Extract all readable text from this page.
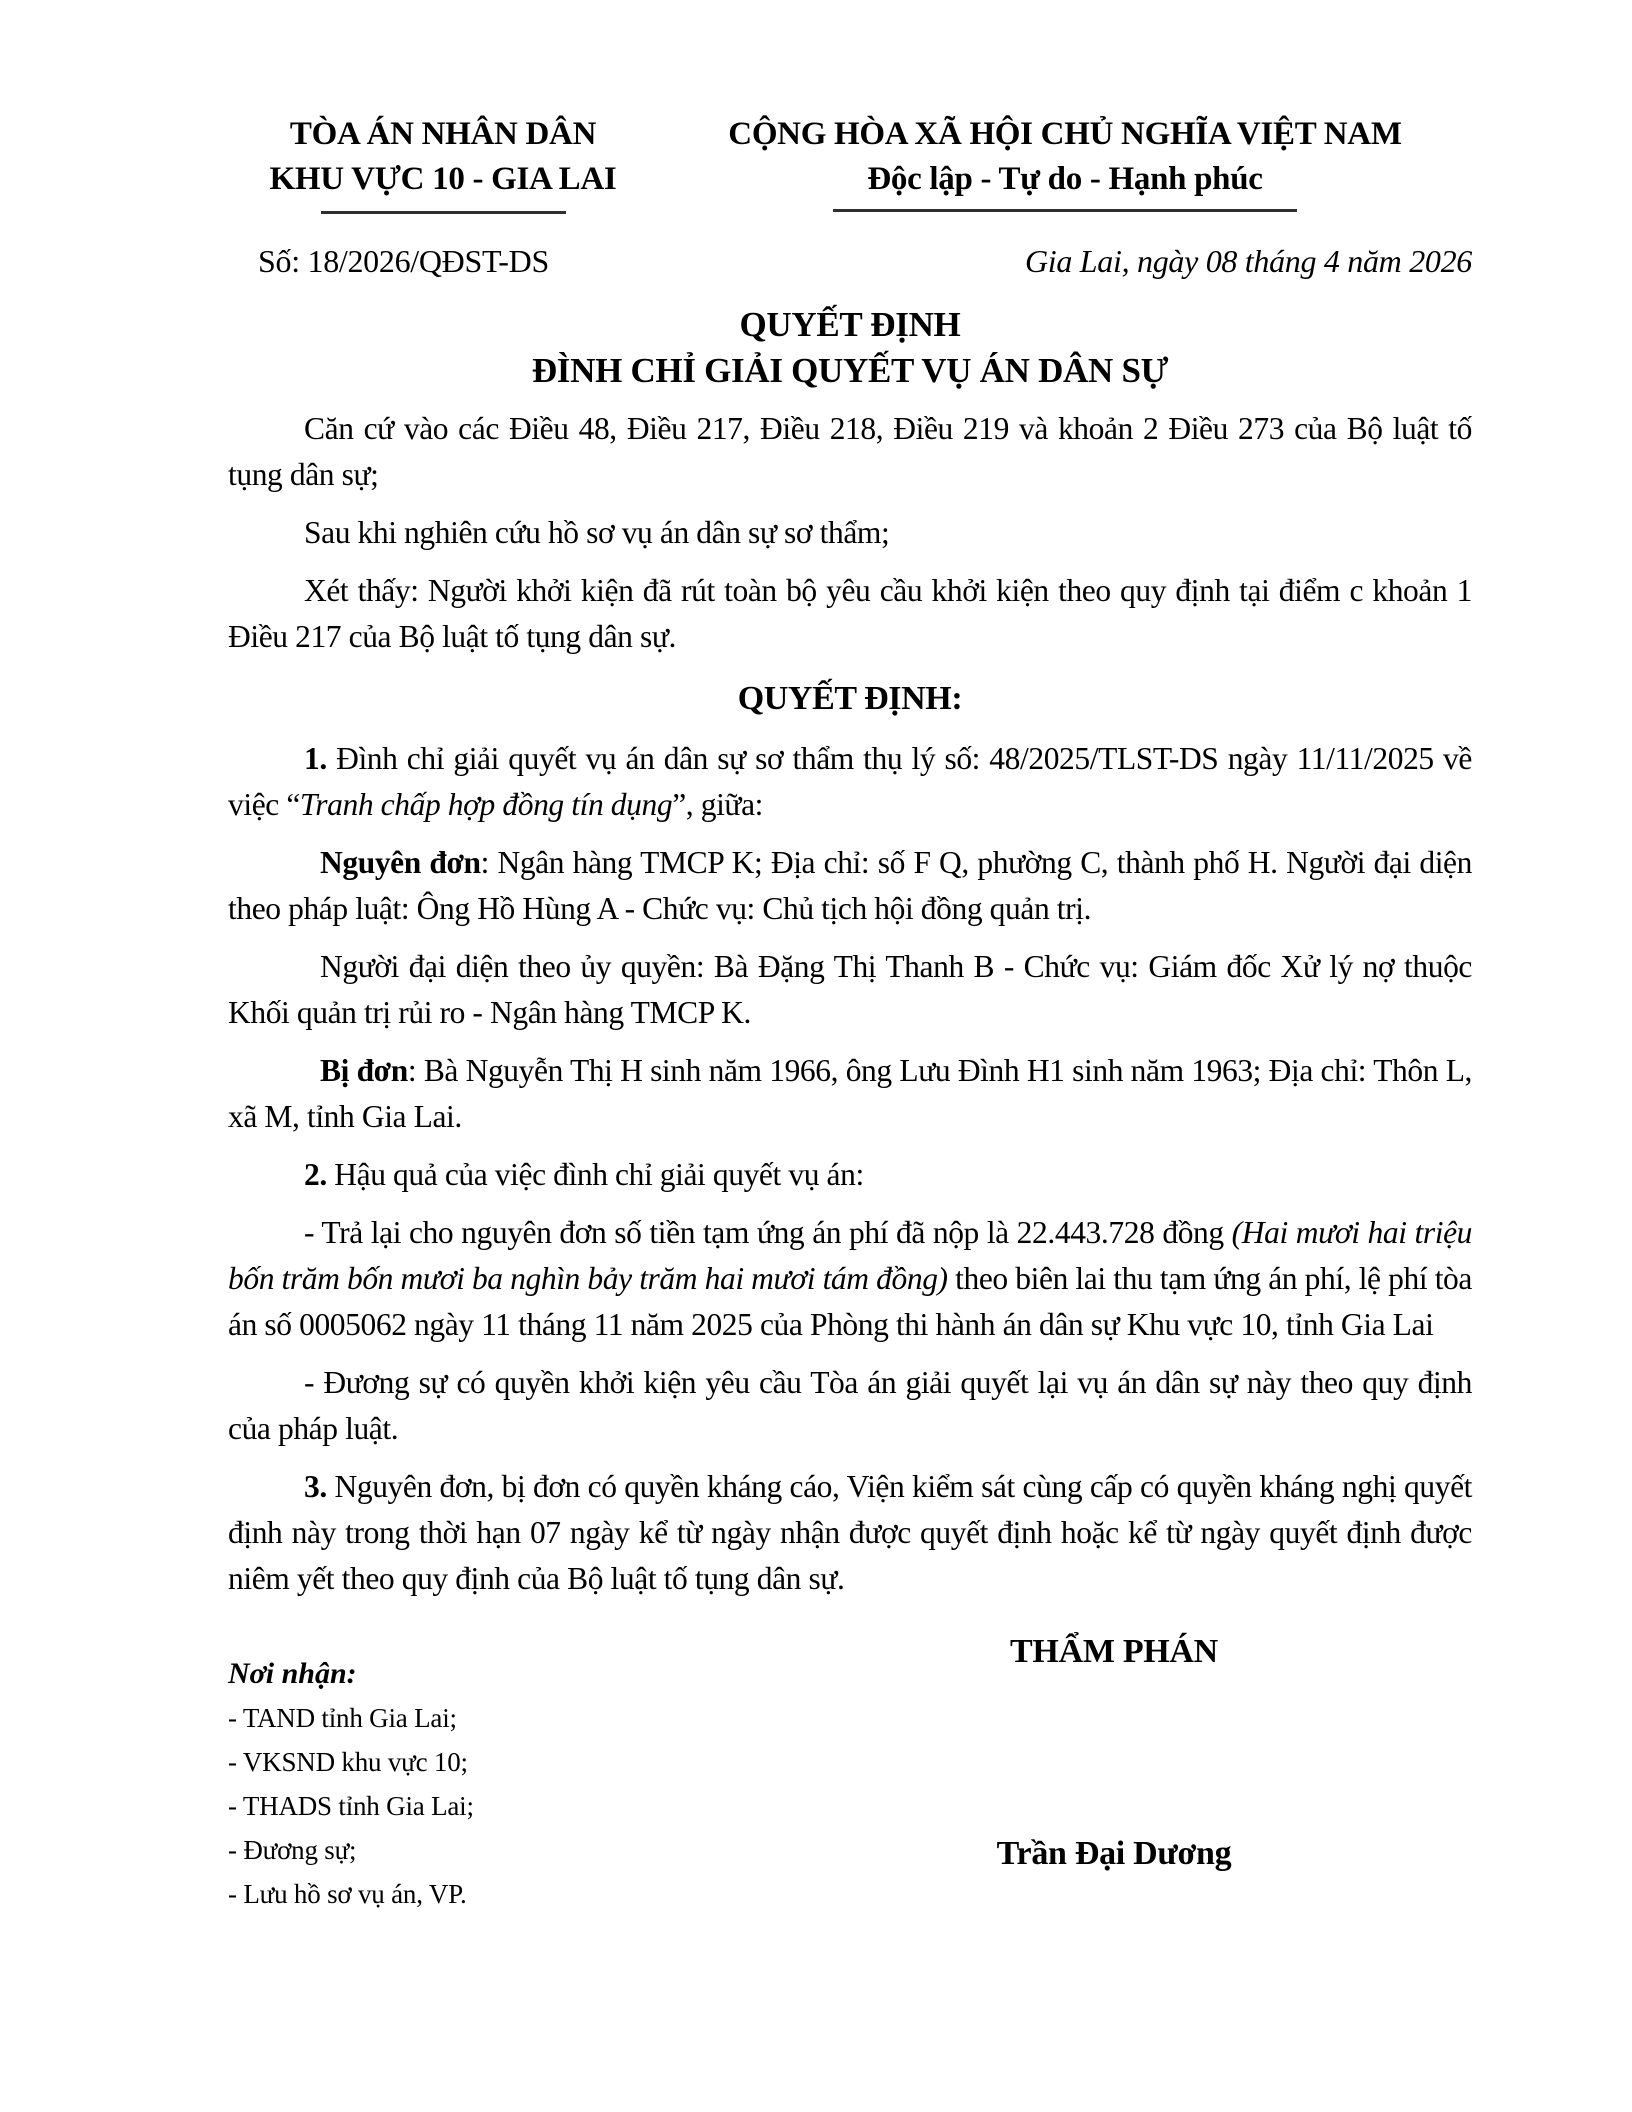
TÒA ÁN NHÂN DÂN
KHU VỰC 10 - GIA LAI
CỘNG HÒA XÃ HỘI CHỦ NGHĨA VIỆT NAM
Độc lập - Tự do - Hạnh phúc
Số: 18/2026/QĐST-DS	Gia Lai, ngày 08 tháng 4 năm 2026
QUYẾT ĐỊNH
ĐÌNH CHỈ GIẢI QUYẾT VỤ ÁN DÂN SỰ

Căn cứ vào các Điều 48, Điều 217, Điều 218, Điều 219 và khoản 2 Điều 273 của Bộ luật tố tụng dân sự;

Sau khi nghiên cứu hồ sơ vụ án dân sự sơ thẩm;

Xét thấy: Người khởi kiện đã rút toàn bộ yêu cầu khởi kiện theo quy định tại điểm c khoản 1 Điều 217 của Bộ luật tố tụng dân sự.

QUYẾT ĐỊNH:

1. Đình chỉ giải quyết vụ án dân sự sơ thẩm thụ lý số: 48/2025/TLST-DS ngày 11/11/2025 về việc “Tranh chấp hợp đồng tín dụng”, giữa:

Nguyên đơn: Ngân hàng TMCP K; Địa chỉ: số F Q, phường C, thành phố H. Người đại diện theo pháp luật: Ông Hồ Hùng A - Chức vụ: Chủ tịch hội đồng quản trị.

Người đại diện theo ủy quyền: Bà Đặng Thị Thanh B - Chức vụ: Giám đốc Xử lý nợ thuộc Khối quản trị rủi ro - Ngân hàng TMCP K.

Bị đơn: Bà Nguyễn Thị H sinh năm 1966, ông Lưu Đình H1 sinh năm 1963; Địa chỉ: Thôn L, xã M, tỉnh Gia Lai.

2. Hậu quả của việc đình chỉ giải quyết vụ án:

- Trả lại cho nguyên đơn số tiền tạm ứng án phí đã nộp là 22.443.728 đồng (Hai mươi hai triệu bốn trăm bốn mươi ba nghìn bảy trăm hai mươi tám đồng) theo biên lai thu tạm ứng án phí, lệ phí tòa án số 0005062 ngày 11 tháng 11 năm 2025 của Phòng thi hành án dân sự Khu vực 10, tỉnh Gia Lai

- Đương sự có quyền khởi kiện yêu cầu Tòa án giải quyết lại vụ án dân sự này theo quy định của pháp luật.

3. Nguyên đơn, bị đơn có quyền kháng cáo, Viện kiểm sát cùng cấp có quyền kháng nghị quyết định này trong thời hạn 07 ngày kể từ ngày nhận được quyết định hoặc kể từ ngày quyết định được niêm yết theo quy định của Bộ luật tố tụng dân sự.

Nơi nhận:
- TAND tỉnh Gia Lai;
- VKSND khu vực 10;
- THADS tỉnh Gia Lai;
- Đương sự;
- Lưu hồ sơ vụ án, VP.
THẨM PHÁN
Trần Đại Dương
